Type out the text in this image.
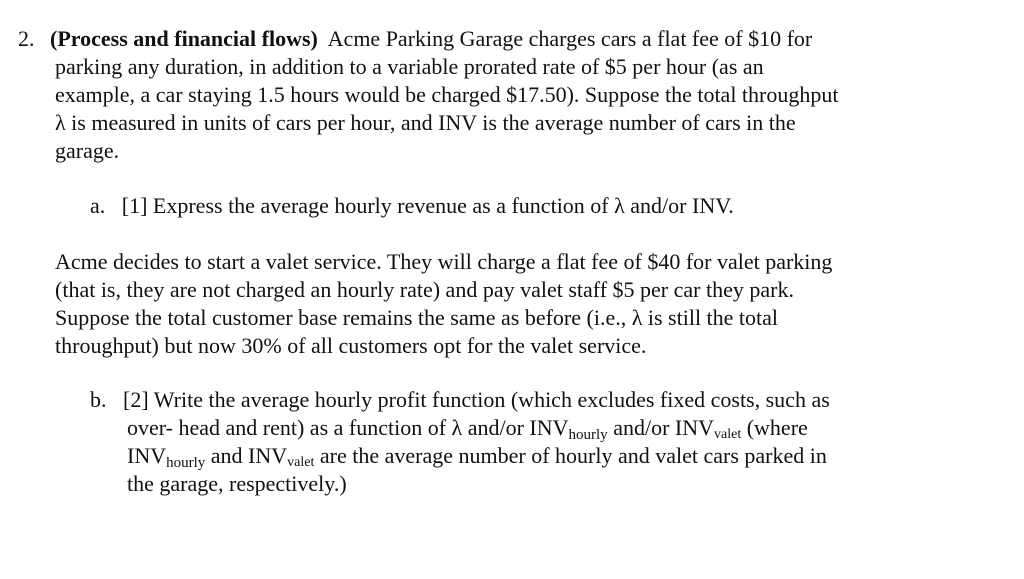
2. (Process and financial flows) Acme Parking Garage charges cars a flat fee of $10 for
parking any duration, in addition to a variable prorated rate of $5 per hour (as an
example, a car staying 1.5 hours would be charged $17.50). Suppose the total throughput
λ is measured in units of cars per hour, and INV is the average number of cars in the
garage.
a. [1] Express the average hourly revenue as a function of λ and/or INV.
Acme decides to start a valet service. They will charge a flat fee of $40 for valet parking
(that is, they are not charged an hourly rate) and pay valet staff $5 per car they park.
Suppose the total customer base remains the same as before (i.e., λ is still the total
throughput) but now 30% of all customers opt for the valet service.
b. [2] Write the average hourly profit function (which excludes fixed costs, such as
over- head and rent) as a function of λ and/or INVhourly and/or INVvalet (where
INVhourly and INVvalet are the average number of hourly and valet cars parked in
the garage, respectively.)
